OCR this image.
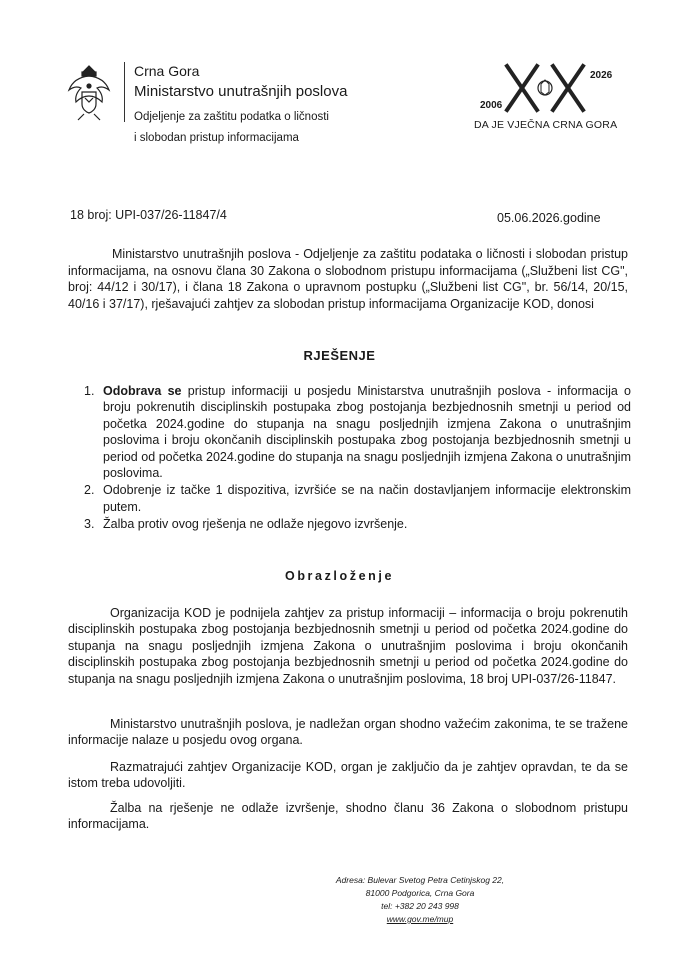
Crna Gora
Ministarstvo unutrašnjih poslova
Odjeljenje za zaštitu podatka o ličnosti
i slobodan pristup informacijama
2006
2026
DA JE VJEČNA CRNA GORA
18 broj: UPI-037/26-11847/4	05.06.2026.godine
Ministarstvo unutrašnjih poslova - Odjeljenje za zaštitu podataka o ličnosti i slobodan pristup informacijama, na osnovu člana 30 Zakona o slobodnom pristupu informacijama („Službeni list CG", broj: 44/12 i 30/17), i člana 18 Zakona o upravnom postupku („Službeni list CG", br. 56/14, 20/15, 40/16 i 37/17), rješavajući zahtjev za slobodan pristup informacijama Organizacije KOD, donosi
RJEŠENJE
1. Odobrava se pristup informaciji u posjedu Ministarstva unutrašnjih poslova - informacija o broju pokrenutih disciplinskih postupaka zbog postojanja bezbjednosnih smetnji u period od početka 2024.godine do stupanja na snagu posljednjih izmjena Zakona o unutrašnjim poslovima i broju okončanih disciplinskih postupaka zbog postojanja bezbjednosnih smetnji u period od početka 2024.godine do stupanja na snagu posljednjih izmjena Zakona o unutrašnjim poslovima.
2. Odobrenje iz tačke 1 dispozitiva, izvršiće se na način dostavljanjem informacije elektronskim putem.
3. Žalba protiv ovog rješenja ne odlaže njegovo izvršenje.
Obrazloženje
Organizacija KOD je podnijela zahtjev za pristup informaciji – informacija o broju pokrenutih disciplinskih postupaka zbog postojanja bezbjednosnih smetnji u period od početka 2024.godine do stupanja na snagu posljednjih izmjena Zakona o unutrašnjim poslovima i broju okončanih disciplinskih postupaka zbog postojanja bezbjednosnih smetnji u period od početka 2024.godine do stupanja na snagu posljednjih izmjena Zakona o unutrašnjim poslovima, 18 broj UPI-037/26-11847.
Ministarstvo unutrašnjih poslova, je nadležan organ shodno važećim zakonima, te se tražene informacije nalaze u posjedu ovog organa.
Razmatrajući zahtjev Organizacije KOD, organ je zaključio da je zahtjev opravdan, te da se istom treba udovoljiti.
Žalba na rješenje ne odlaže izvršenje, shodno članu 36 Zakona o slobodnom pristupu informacijama.
Adresa: Bulevar Svetog Petra Cetinjskog 22,
81000 Podgorica, Crna Gora
tel: +382 20 243 998
www.gov.me/mup
